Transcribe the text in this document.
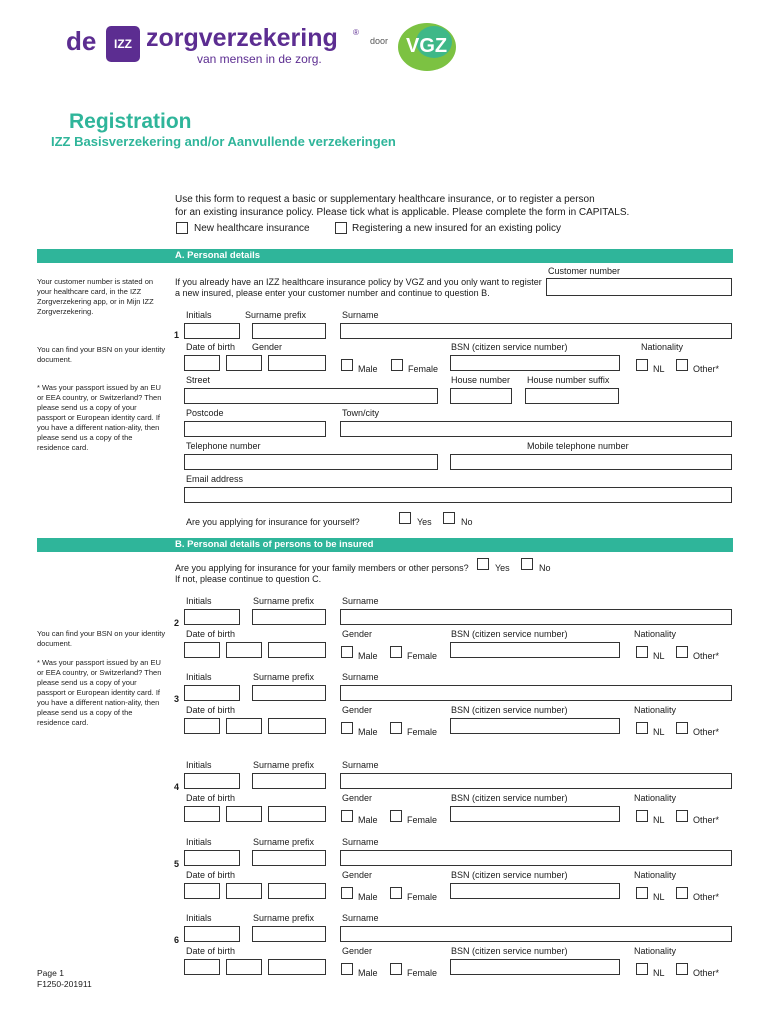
de	IZZ zorgverzekering ®
van mensen in de zorg.
door VGZ
Registration
IZZ Basisverzekering and/or Aanvullende verzekeringen
Use this form to request a basic or supplementary healthcare insurance, or to register a person
for an existing insurance policy. Please tick what is applicable. Please complete the form in CAPITALS.
New healthcare insurance	Registering a new insured for an existing policy
A. Personal details
Your customer number is stated on your healthcare card, in the IZZ Zorgverzekering app, or in Mijn IZZ Zorgverzekering.
You can find your BSN on your identity document.
* Was your passport issued by an EU or EEA country, or Switzerland? Then please send us a copy of your passport or European identity card. If you have a different nation-ality, then please send us a copy of the residence card.
Customer number
If you already have an IZZ healthcare insurance policy by VGZ and you only want to register
a new insured, please enter your customer number and continue to question B.
Initials	Surname prefix	Surname
1
Date of birth Gender	BSN (citizen service number)	Nationality
Male	Female	NL	Other*
Street	House number House number suffix
Postcode	Town/city
Telephone number	Mobile telephone number
Email address
Are you applying for insurance for yourself?	Yes	No
B. Personal details of persons to be insured
Are you applying for insurance for your family members or other persons?
If not, please continue to question C.
Yes	No
You can find your BSN on your identity document.
* Was your passport issued by an EU or EEA country, or Switzerland? Then please send us a copy of your passport or European identity card. If you have a different nation-ality, then please send us a copy of the residence card.
Initials	Surname prefix	Surname
2
Date of birth	Gender	BSN (citizen service number)	Nationality
Male	Female	NL	Other*
Initials	Surname prefix	Surname
3
Date of birth	Gender	BSN (citizen service number)	Nationality
Male	Female	NL	Other*
Initials	Surname prefix	Surname
4
Date of birth	Gender	BSN (citizen service number)	Nationality
Male	Female	NL	Other*
Initials	Surname prefix	Surname
5
Date of birth	Gender	BSN (citizen service number)	Nationality
Male	Female	NL	Other*
Initials	Surname prefix	Surname
6
Date of birth	Gender	BSN (citizen service number)	Nationality
Male	Female	NL	Other*
Page 1
F1250-201911
